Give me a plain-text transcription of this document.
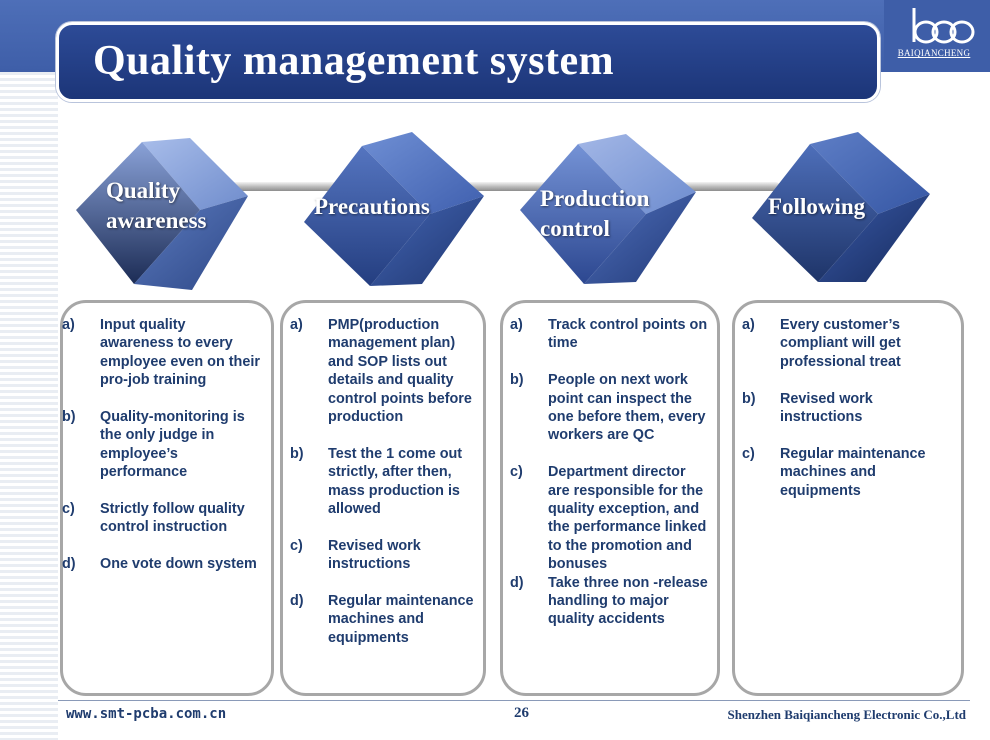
Quality management system	BAIQIANCHENG
Quality
awareness
Precautions	Production
control
Following
a)	Input quality awareness to every employee even on their pro-job training
b)	Quality-monitoring is the only judge in employee’s performance
c)	Strictly follow quality control instruction
d)	One vote down system
a)	PMP(production management plan) and SOP lists out details and quality control points before production
b)	Test the 1 come out strictly, after then, mass production is allowed
c)	Revised work instructions
d)	Regular maintenance machines and equipments
a)	Track control points on time
b)	People on next work point can inspect the one before them, every workers are QC
c)	Department director are responsible for the quality exception, and the performance linked to the promotion and bonuses
d)	Take three non -release handling to major quality accidents
a)	Every customer’s compliant will get professional treat
b)	Revised work instructions
c)	Regular maintenance machines and equipments
www.smt-pcba.com.cn	26	Shenzhen Baiqiancheng Electronic Co.,Ltd
